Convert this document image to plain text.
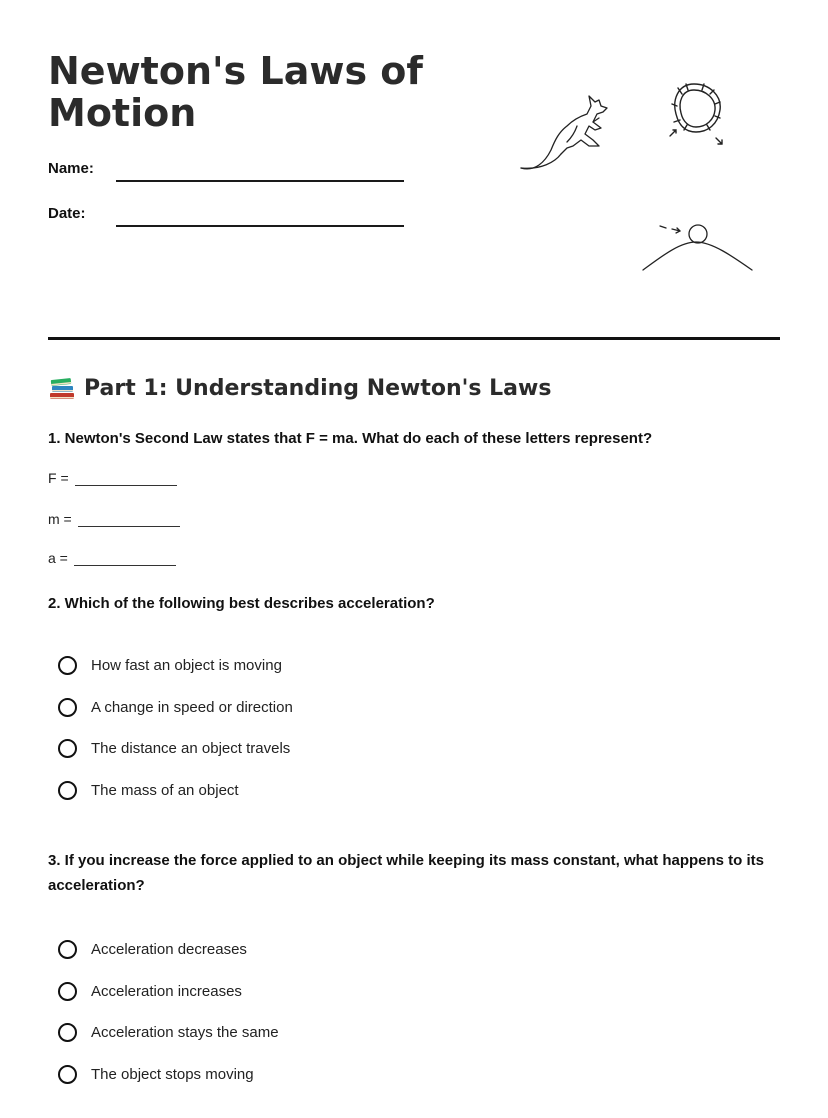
Newton's Laws of Motion
Name:
Date:
Part 1: Understanding Newton's Laws

1. Newton's Second Law states that F = ma. What do each of these letters represent?

F =
m =
a =

2. Which of the following best describes acceleration?

How fast an object is moving
A change in speed or direction
The distance an object travels
The mass of an object

3. If you increase the force applied to an object while keeping its mass constant, what happens to its acceleration?

Acceleration decreases
Acceleration increases
Acceleration stays the same
The object stops moving
